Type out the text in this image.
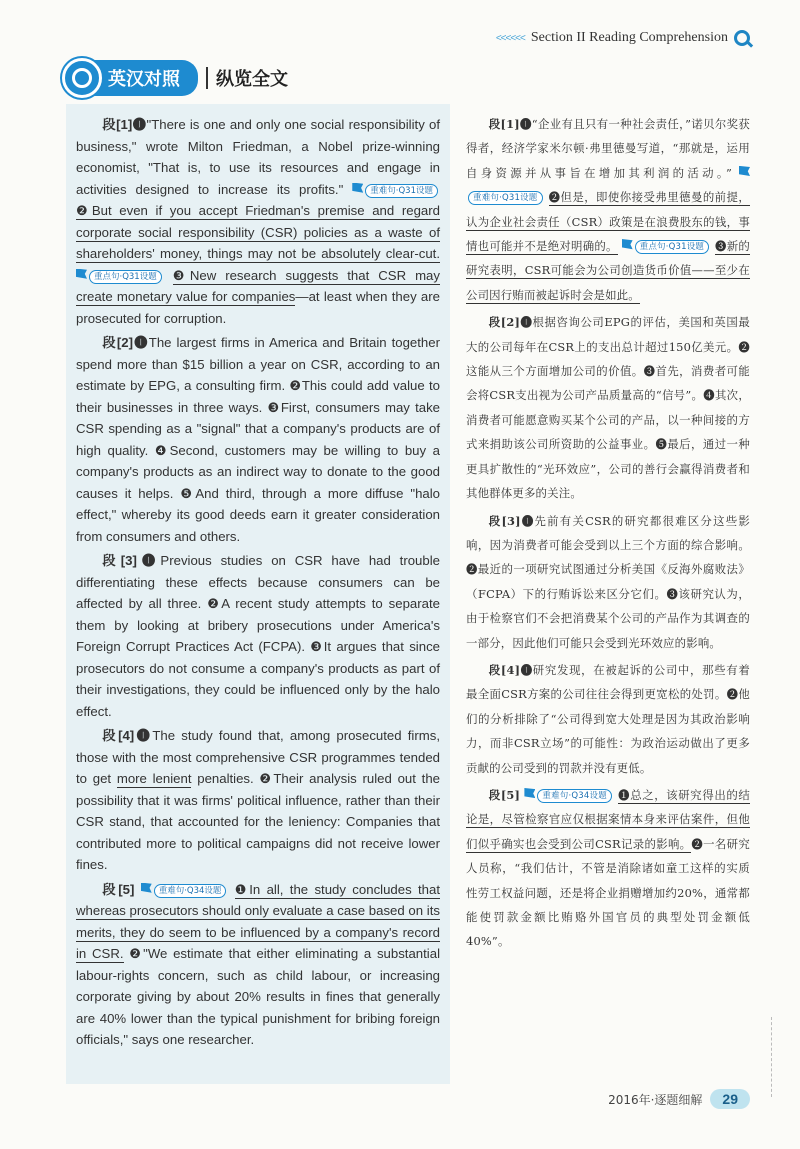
<<<<<< Section II Reading Comprehension
英汉对照	纵览全文

段[1]❶"There is one and only one social responsibility of business," wrote Milton Friedman, a Nobel prize-winning economist, "That is, to use its resources and engage in activities designed to increase its profits."	重难句·Q31设题 ❷But even if you accept Friedman's premise and regard corporate social responsibility (CSR) policies as a waste of shareholders' money, things may not be absolutely clear-cut. 重点句·Q31设题 ❸New research suggests that CSR may create monetary value for companies—at least when they are prosecuted for corruption.

段[2]❶The largest firms in America and Britain together spend more than $15 billion a year on CSR, according to an estimate by EPG, a consulting firm. ❷This could add value to their businesses in three ways. ❸First, consumers may take CSR spending as a "signal" that a company's products are of high quality. ❹Second, customers may be willing to buy a company's products as an indirect way to donate to the good causes it helps. ❺And third, through a more diffuse "halo effect," whereby its good deeds earn it greater consideration from consumers and others.

段[3]❶Previous studies on CSR have had trouble differentiating these effects because consumers can be affected by all three. ❷A recent study attempts to separate them by looking at bribery prosecutions under America's Foreign Corrupt Practices Act (FCPA). ❸It argues that since prosecutors do not consume a company's products as part of their investigations, they could be influenced only by the halo effect.

段[4]❶The study found that, among prosecuted firms, those with the most comprehensive CSR programmes tended to get more lenient penalties. ❷Their analysis ruled out the possibility that it was firms' political influence, rather than their CSR stand, that accounted for the leniency: Companies that contributed more to political campaigns did not receive lower fines.

段[5]	重难句·Q34设题 ❶In all, the study concludes that whereas prosecutors should only evaluate a case based on its merits, they do seem to be influenced by a company's record in CSR. ❷"We estimate that either eliminating a substantial labour-rights concern, such as child labour, or increasing corporate giving by about 20% results in fines that generally are 40% lower than the typical punishment for bribing foreign officials," says one researcher.

段[1]❶“企业有且只有一种社会责任，”诺贝尔奖获得者，经济学家米尔顿·弗里德曼写道，“那就是，运用自身资源并从事旨在增加其利润的活动。” 重难句·Q31设题 ❷但是，即使你接受弗里德曼的前提，认为企业社会责任（CSR）政策是在浪费股东的钱，事情也可能并不是绝对明确的。	重点句·Q31设题 ❸新的研究表明，CSR可能会为公司创造货币价值——至少在公司因行贿而被起诉时会是如此。

段[2]❶根据咨询公司EPG的评估，美国和英国最大的公司每年在CSR上的支出总计超过150亿美元。❷这能从三个方面增加公司的价值。❸首先，消费者可能会将CSR支出视为公司产品质量高的“信号”。❹其次，消费者可能愿意购买某个公司的产品，以一种间接的方式来捐助该公司所资助的公益事业。❺最后，通过一种更具扩散性的“光环效应”，公司的善行会赢得消费者和其他群体更多的关注。

段[3]❶先前有关CSR的研究都很难区分这些影响，因为消费者可能会受到以上三个方面的综合影响。❷最近的一项研究试图通过分析美国《反海外腐败法》（FCPA）下的行贿诉讼来区分它们。❸该研究认为，由于检察官们不会把消费某个公司的产品作为其调查的一部分，因此他们可能只会受到光环效应的影响。

段[4]❶研究发现，在被起诉的公司中，那些有着最全面CSR方案的公司往往会得到更宽松的处罚。❷他们的分析排除了“公司得到宽大处理是因为其政治影响力，而非CSR立场”的可能性：为政治运动做出了更多贡献的公司受到的罚款并没有更低。

段[5]	重难句·Q34设题 ❶总之，该研究得出的结论是，尽管检察官应仅根据案情本身来评估案件，但他们似乎确实也会受到公司CSR记录的影响。❷一名研究人员称，“我们估计，不管是消除诸如童工这样的实质性劳工权益问题，还是将企业捐赠增加约20%，通常都能使罚款金额比贿赂外国官员的典型处罚金额低40%”。

2016年·逐题细解	29
